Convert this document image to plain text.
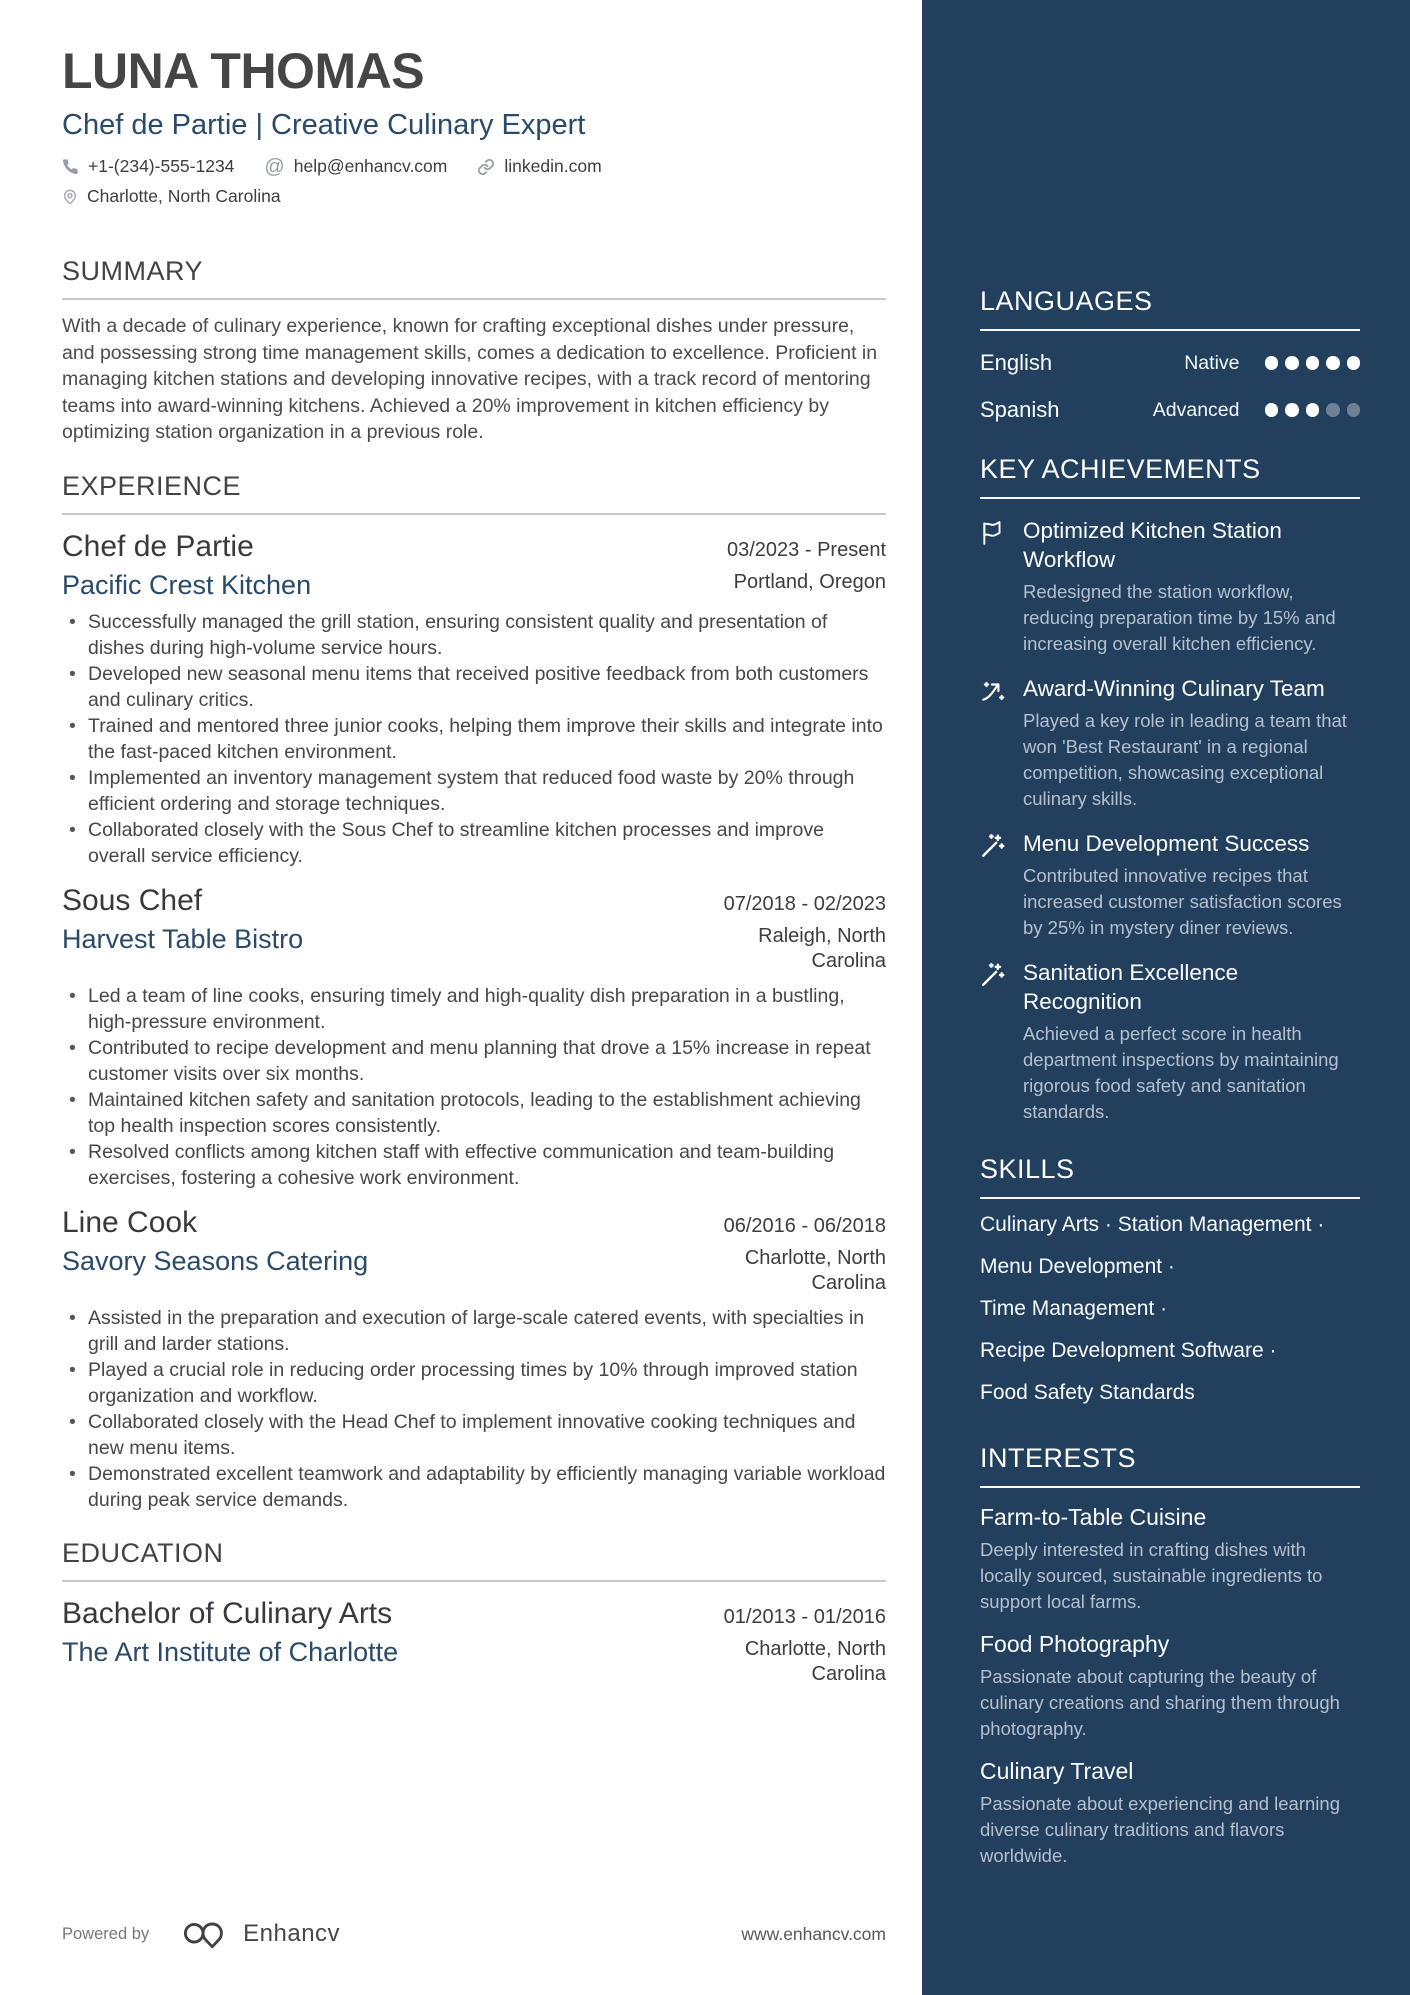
LUNA THOMAS
Chef de Partie | Creative Culinary Expert
+1-(234)-555-1234 @ help@enhancv.com	linkedin.com
Charlotte, North Carolina
SUMMARY
With a decade of culinary experience, known for crafting exceptional dishes under pressure, and possessing strong time management skills, comes a dedication to excellence. Proficient in managing kitchen stations and developing innovative recipes, with a track record of mentoring teams into award-winning kitchens. Achieved a 20% improvement in kitchen efficiency by optimizing station organization in a previous role.
EXPERIENCE
Chef de Partie	03/2023 - Present
Pacific Crest Kitchen	Portland, Oregon
• Successfully managed the grill station, ensuring consistent quality and presentation of dishes during high-volume service hours.
• Developed new seasonal menu items that received positive feedback from both customers and culinary critics.
• Trained and mentored three junior cooks, helping them improve their skills and integrate into the fast-paced kitchen environment.
• Implemented an inventory management system that reduced food waste by 20% through efficient ordering and storage techniques.
• Collaborated closely with the Sous Chef to streamline kitchen processes and improve overall service efficiency.
Sous Chef	07/2018 - 02/2023
Harvest Table Bistro	Raleigh, North Carolina
• Led a team of line cooks, ensuring timely and high-quality dish preparation in a bustling, high-pressure environment.
• Contributed to recipe development and menu planning that drove a 15% increase in repeat customer visits over six months.
• Maintained kitchen safety and sanitation protocols, leading to the establishment achieving top health inspection scores consistently.
• Resolved conflicts among kitchen staff with effective communication and team-building exercises, fostering a cohesive work environment.
Line Cook	06/2016 - 06/2018
Savory Seasons Catering	Charlotte, North Carolina
• Assisted in the preparation and execution of large-scale catered events, with specialties in grill and larder stations.
• Played a crucial role in reducing order processing times by 10% through improved station organization and workflow.
• Collaborated closely with the Head Chef to implement innovative cooking techniques and new menu items.
• Demonstrated excellent teamwork and adaptability by efficiently managing variable workload during peak service demands.
EDUCATION
Bachelor of Culinary Arts	01/2013 - 01/2016
The Art Institute of Charlotte	Charlotte, North Carolina
Powered by	Enhancv	www.enhancv.com
LANGUAGES
English	Native
Spanish	Advanced
KEY ACHIEVEMENTS
Optimized Kitchen Station Workflow
Redesigned the station workflow, reducing preparation time by 15% and increasing overall kitchen efficiency.
Award-Winning Culinary Team
Played a key role in leading a team that won 'Best Restaurant' in a regional competition, showcasing exceptional culinary skills.
Menu Development Success
Contributed innovative recipes that increased customer satisfaction scores by 25% in mystery diner reviews.
Sanitation Excellence Recognition
Achieved a perfect score in health department inspections by maintaining rigorous food safety and sanitation standards.
SKILLS
Culinary Arts · Station Management ·
Menu Development ·
Time Management ·
Recipe Development Software ·
Food Safety Standards
INTERESTS
Farm-to-Table Cuisine
Deeply interested in crafting dishes with locally sourced, sustainable ingredients to support local farms.
Food Photography
Passionate about capturing the beauty of culinary creations and sharing them through photography.
Culinary Travel
Passionate about experiencing and learning diverse culinary traditions and flavors worldwide.
